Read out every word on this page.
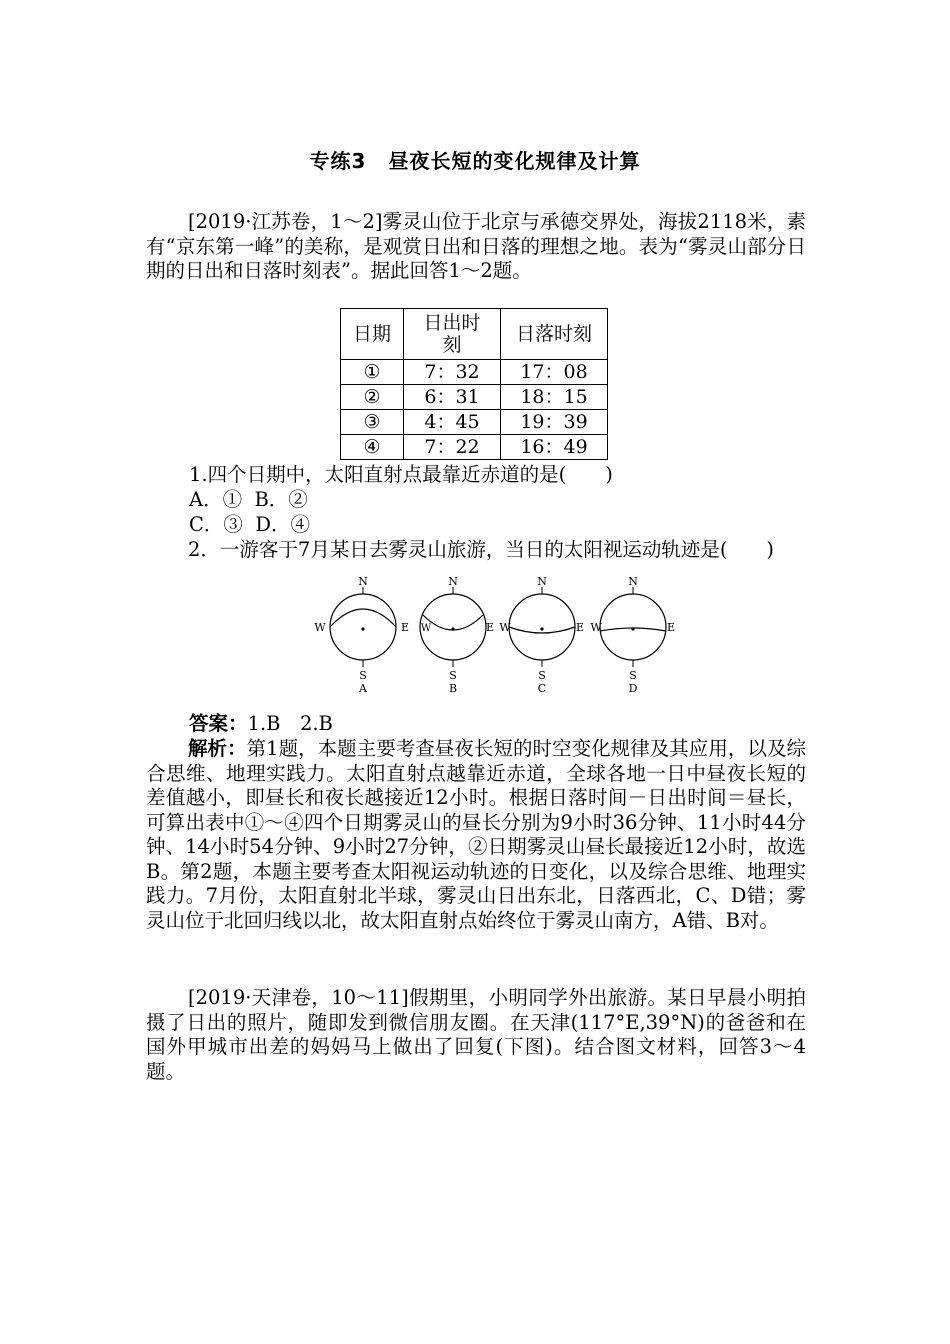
专练3 昼夜长短的变化规律及计算
[2019·江苏卷，1～2]雾灵山位于北京与承德交界处，海拔2118米，素有“京东第一峰”的美称，是观赏日出和日落的理想之地。表为“雾灵山部分日期的日出和日落时刻表”。据此回答1～2题。
日期	日出时刻	日落时刻
①	7：32	17：08
②	6：31	18：15
③	4：45	19：39
④	7：22	16：49
1.四个日期中，太阳直射点最靠近赤道的是(　　)
A．①  B．②
C．③  D．④
2．一游客于7月某日去雾灵山旅游，当日的太阳视运动轨迹是(　　)
N
S
W	E
A
N
S
W	E
B
N
S
W	E
C
N
S
W	E
D
答案：1.B　2.B
解析：第1题，本题主要考查昼夜长短的时空变化规律及其应用，以及综合思维、地理实践力。太阳直射点越靠近赤道，全球各地一日中昼夜长短的差值越小，即昼长和夜长越接近12小时。根据日落时间－日出时间＝昼长，可算出表中①～④四个日期雾灵山的昼长分别为9小时36分钟、11小时44分钟、14小时54分钟、9小时27分钟，②日期雾灵山昼长最接近12小时，故选B。第2题，本题主要考查太阳视运动轨迹的日变化，以及综合思维、地理实践力。7月份，太阳直射北半球，雾灵山日出东北，日落西北，C、D错；雾灵山位于北回归线以北，故太阳直射点始终位于雾灵山南方，A错、B对。
[2019·天津卷，10～11]假期里，小明同学外出旅游。某日早晨小明拍摄了日出的照片，随即发到微信朋友圈。在天津(117°E,39°N)的爸爸和在国外甲城市出差的妈妈马上做出了回复(下图)。结合图文材料，回答3～4题。
